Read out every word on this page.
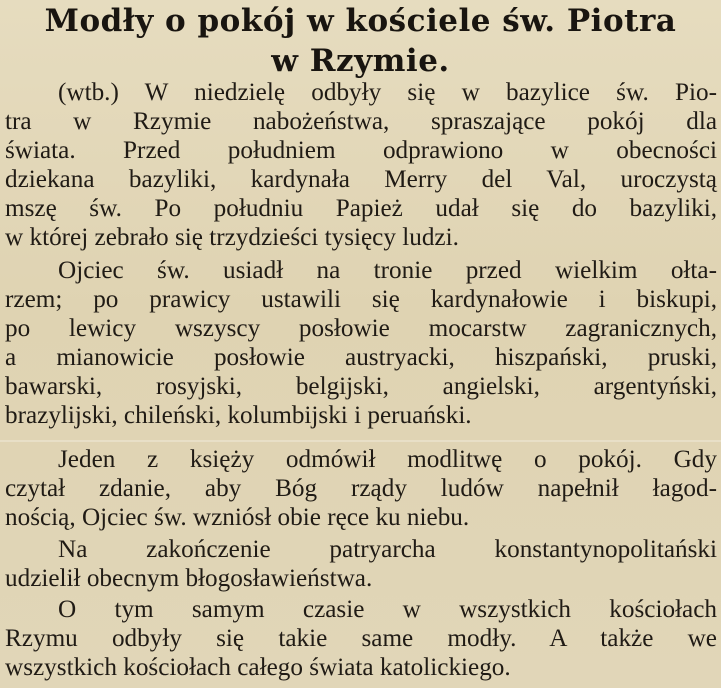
Modły o pokój w kościele św. Piotra
w Rzymie.
(wtb.) W niedzielę odbyły się w bazylice św. Pio-
tra w Rzymie nabożeństwa, spraszające pokój dla
świata. Przed południem odprawiono w obecności
dziekana bazyliki, kardynała Merry del Val, uroczystą
mszę św. Po południu Papież udał się do bazyliki,
w której zebrało się trzydzieści tysięcy ludzi.
Ojciec św. usiadł na tronie przed wielkim ołta-
rzem; po prawicy ustawili się kardynałowie i biskupi,
po lewicy wszyscy posłowie mocarstw zagranicznych,
a mianowicie posłowie austryacki, hiszpański, pruski,
bawarski, rosyjski, belgijski, angielski, argentyński,
brazylijski, chileński, kolumbijski i peruański.
Jeden z księży odmówił modlitwę o pokój. Gdy
czytał zdanie, aby Bóg rządy ludów napełnił łagod-
nością, Ojciec św. wzniósł obie ręce ku niebu.
Na zakończenie patryarcha konstantynopolitański
udzielił obecnym błogosławieństwa.
O tym samym czasie w wszystkich kościołach
Rzymu odbyły się takie same modły. A także we
wszystkich kościołach całego świata katolickiego.
